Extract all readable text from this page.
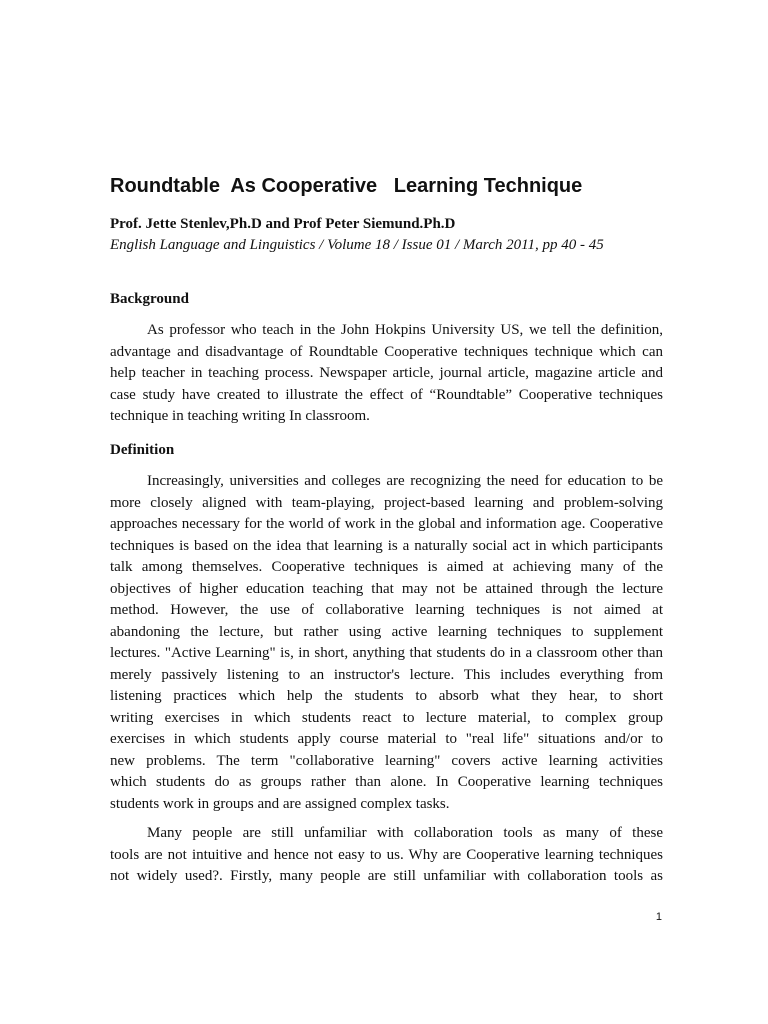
Roundtable  As Cooperative   Learning Technique
Prof. Jette Stenlev,Ph.D and Prof Peter Siemund.Ph.D
English Language and Linguistics / Volume 18 / Issue 01 / March 2011, pp 40 - 45
Background
As professor who teach in the John Hokpins University US, we tell the definition,
advantage and disadvantage of Roundtable Cooperative techniques technique which can
help teacher in teaching process. Newspaper article, journal article, magazine article and
case study have created to illustrate the effect of “Roundtable” Cooperative techniques
technique in teaching writing In classroom.
Definition
Increasingly, universities and colleges are recognizing the need for education to be
more closely aligned with team-playing, project-based learning and problem-solving
approaches necessary for the world of work in the global and information age. Cooperative
techniques is based on the idea that learning is a naturally social act in which participants
talk among themselves. Cooperative techniques is aimed at achieving many of the
objectives of higher education teaching that may not be attained through the lecture
method. However, the use of collaborative learning techniques is not aimed at
abandoning the lecture, but rather using active learning techniques to supplement
lectures. "Active Learning" is, in short, anything that students do in a classroom other than
merely passively listening to an instructor's lecture. This includes everything from
listening practices which help the students to absorb what they hear, to short
writing exercises in which students react to lecture material, to complex group
exercises in which students apply course material to "real life" situations and/or to
new problems. The term "collaborative learning" covers active learning activities
which students do as groups rather than alone. In Cooperative learning techniques
students work in groups and are assigned complex tasks.
Many people are still unfamiliar with collaboration tools as many of these
tools are not intuitive and hence not easy to us. Why are Cooperative learning techniques
not widely used?. Firstly, many people are still unfamiliar with collaboration tools as
1
